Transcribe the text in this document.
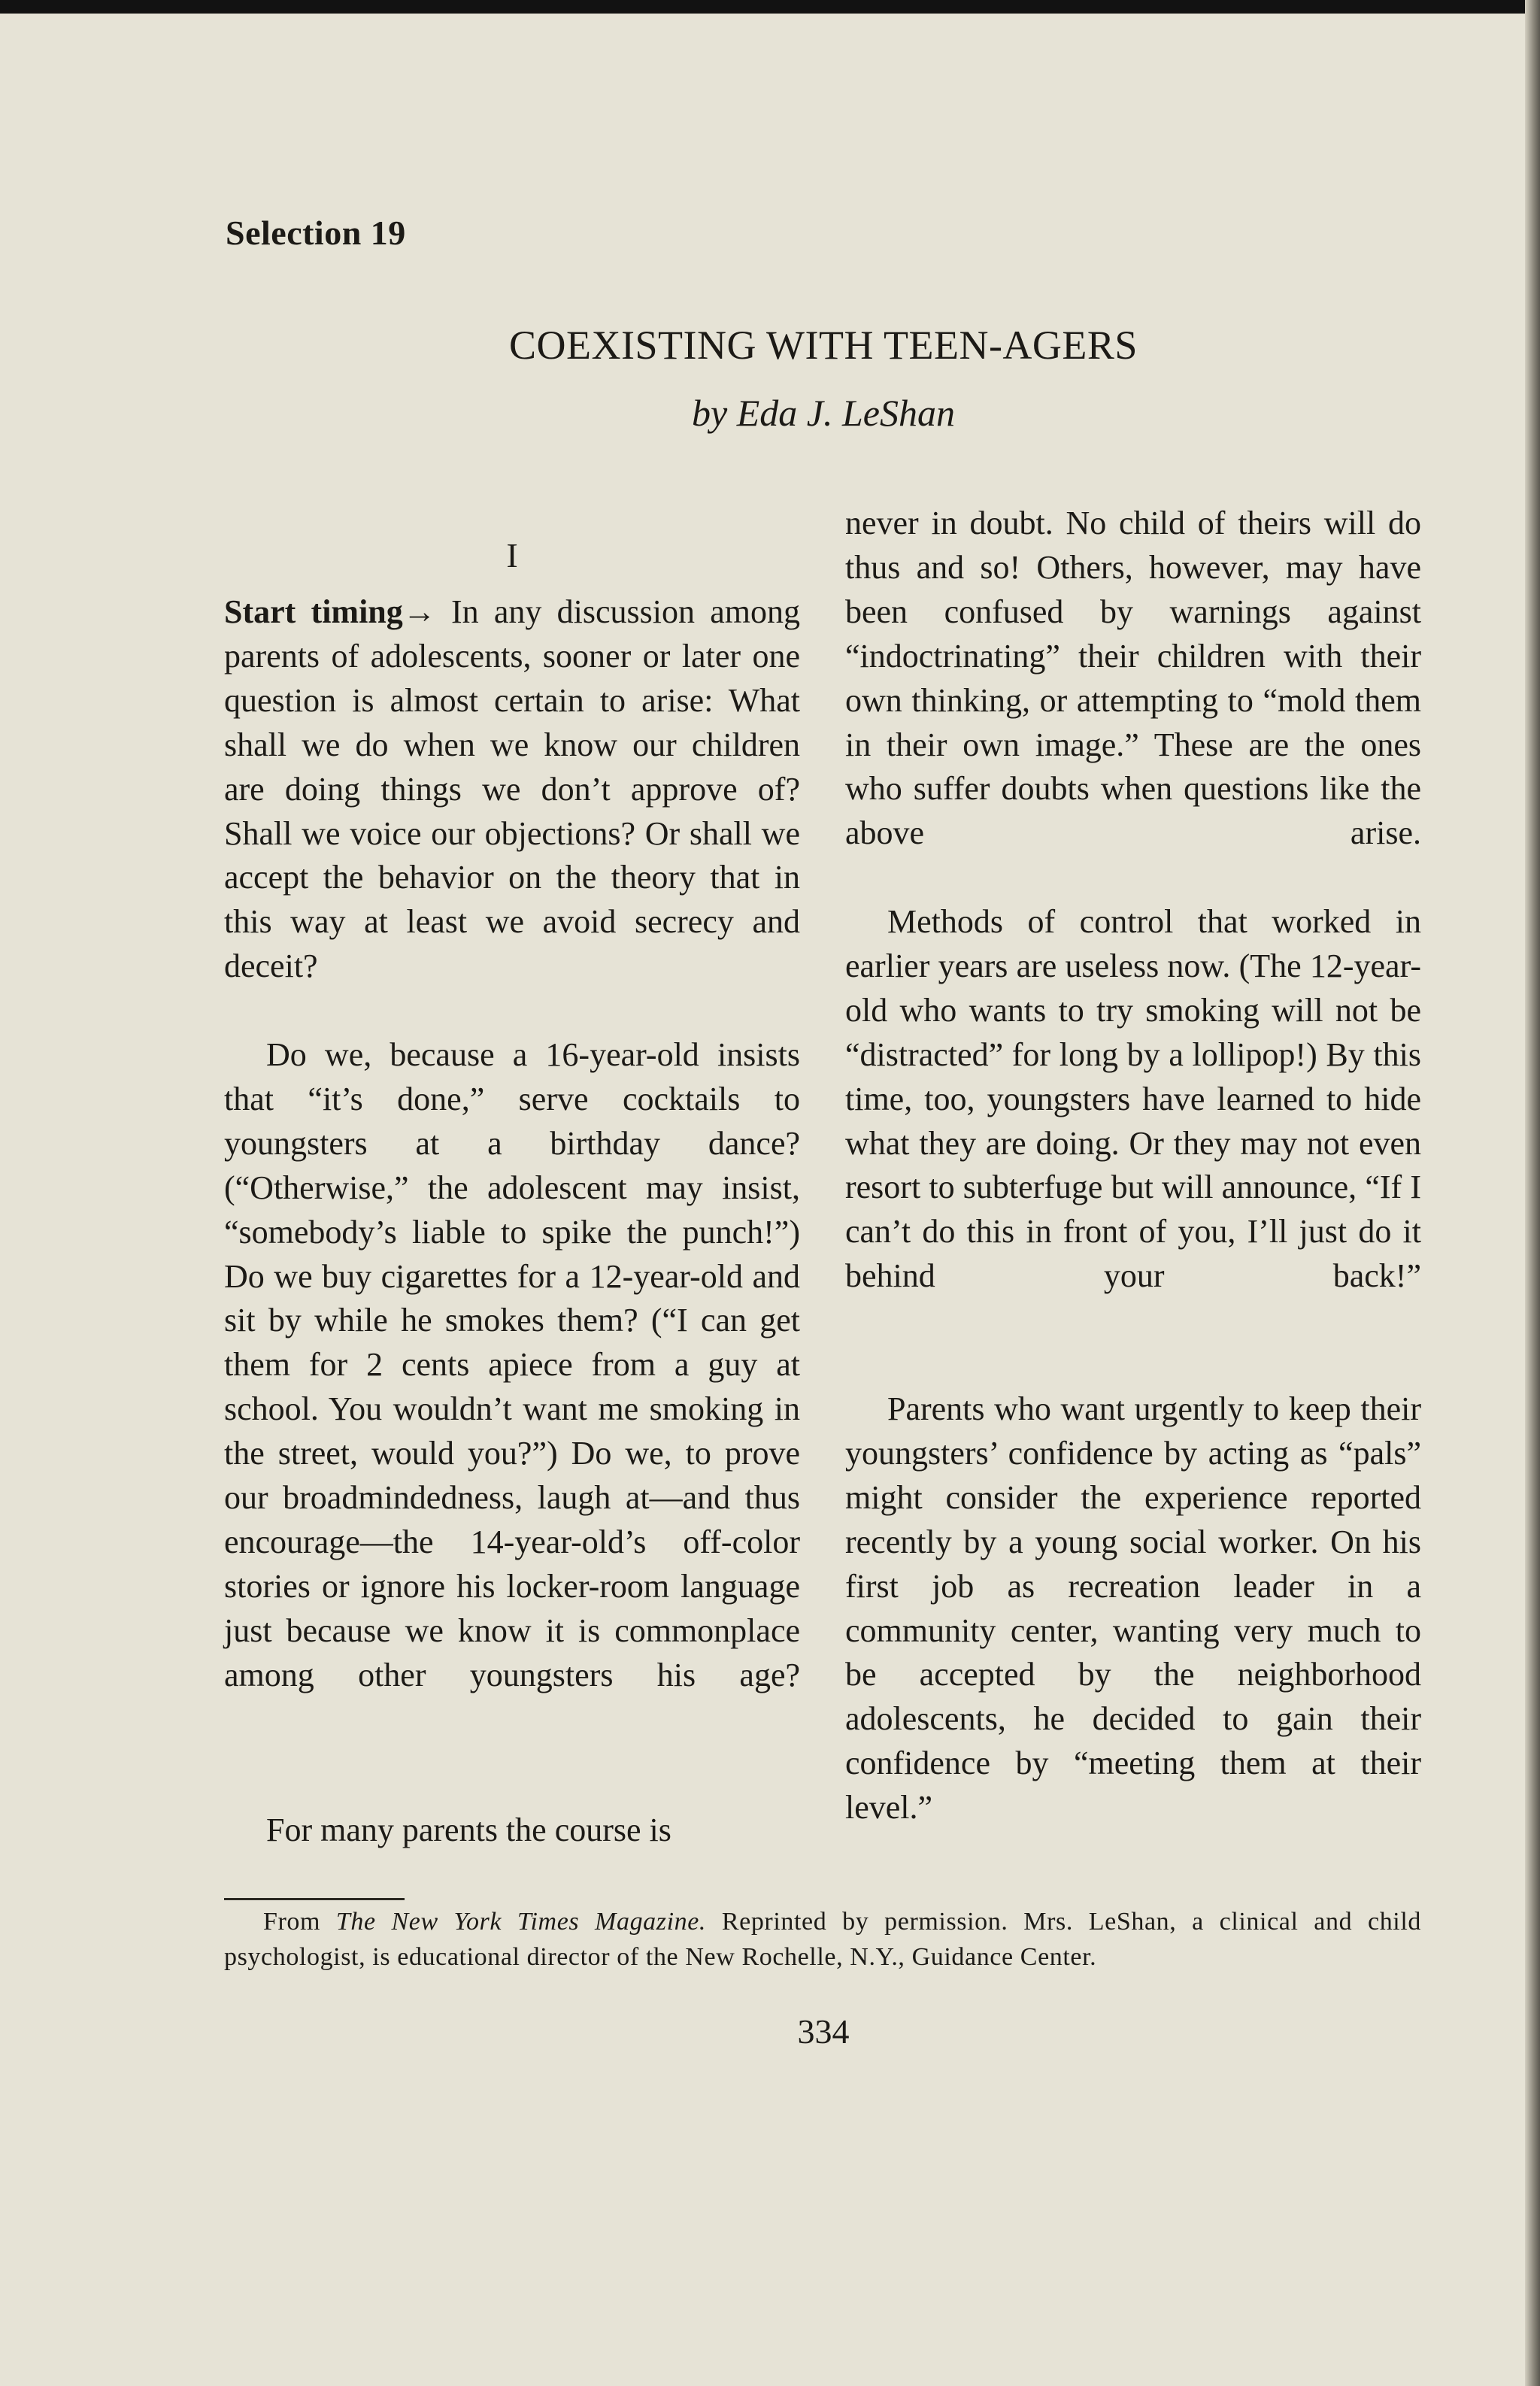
Selection 19
COEXISTING WITH TEEN-AGERS

by Eda J. LeShan

I

Start timing→ In any discussion among parents of adolescents, sooner or later one question is almost certain to arise: What shall we do when we know our children are doing things we don’t approve of? Shall we voice our objections? Or shall we accept the behavior on the theory that in this way at least we avoid secrecy and deceit?

Do we, because a 16-year-old insists that “it’s done,” serve cocktails to youngsters at a birthday dance? (“Otherwise,” the adolescent may insist, “somebody’s liable to spike the punch!”) Do we buy cigarettes for a 12-year-old and sit by while he smokes them? (“I can get them for 2 cents apiece from a guy at school. You wouldn’t want me smoking in the street, would you?”) Do we, to prove our broadmindedness, laugh at—and thus encourage—the 14-year-old’s off-color stories or ignore his locker-room language just because we know it is commonplace among other youngsters his age?

For many parents the course is

never in doubt. No child of theirs will do thus and so! Others, however, may have been confused by warnings against “indoctrinating” their children with their own thinking, or attempting to “mold them in their own image.” These are the ones who suffer doubts when questions like the above arise.

Methods of control that worked in earlier years are useless now. (The 12-year-old who wants to try smoking will not be “distracted” for long by a lollipop!) By this time, too, youngsters have learned to hide what they are doing. Or they may not even resort to subterfuge but will announce, “If I can’t do this in front of you, I’ll just do it behind your back!”

Parents who want urgently to keep their youngsters’ confidence by acting as “pals” might consider the experience reported recently by a young social worker. On his first job as recreation leader in a community center, wanting very much to be accepted by the neighborhood adolescents, he decided to gain their confidence by “meeting them at their level.”

From The New York Times Magazine. Reprinted by permission. Mrs. LeShan, a clinical and child psychologist, is educational director of the New Rochelle, N.Y., Guidance Center.

334
